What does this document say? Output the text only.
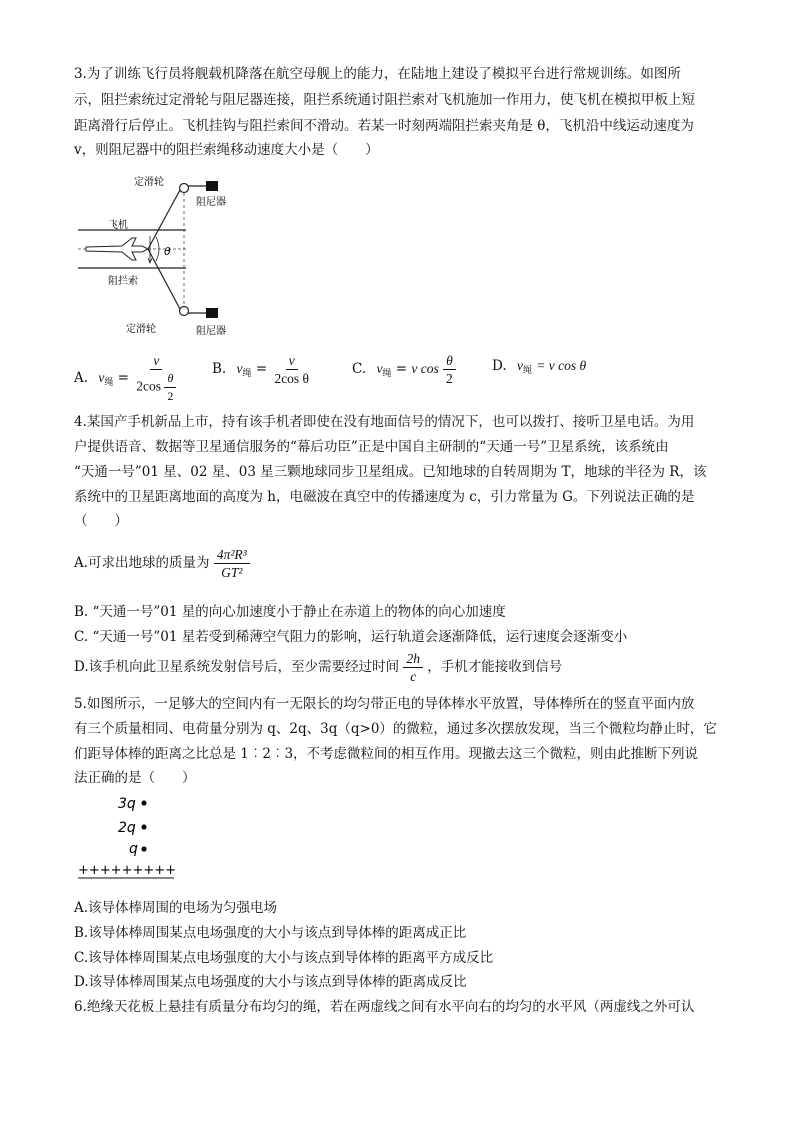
3.为了训练飞行员将舰载机降落在航空母舰上的能力，在陆地上建设了模拟平台进行常规训练。如图所
示，阻拦索统过定滑轮与阻尼器连接，阻拦系统通讨阻拦索对飞机施加一作用力，使飞机在模拟甲板上短
距离滑行后停止。飞机挂钩与阻拦索间不滑动。若某一时刻两端阻拦索夹角是 θ，飞机沿中线运动速度为
v，则阻尼器中的阻拦索绳移动速度大小是（　　）
定滑轮
阻尼器
飞机
θ
阻拦索
定滑轮	阻尼器
A. $v_绳 = \frac{v}{2\cos \frac{\theta}{2}} B$. $v_绳 = \frac{v}{\text{2cos θ}}$	C. $v_绳 = v$ $\cos \frac{\theta}{2}$	D. $v_绳 = v$ cos θ
4.某国产手机新品上市，持有该手机者即使在没有地面信号的情况下，也可以拨打、接听卫星电话。为用
户提供语音、数据等卫星通信服务的“幕后功臣”正是中国自主研制的“天通一号”卫星系统，该系统由
“天通一号”01 星、02 星、03 星三颗地球同步卫星组成。已知地球的自转周期为 T，地球的半径为 R，该
系统中的卫星距离地面的高度为 h，电磁波在真空中的传播速度为 c，引力常量为 G。下列说法正确的是
（　　）
A.可求出地球的质量为 $\frac{\text{4π²R³}}{\text{GT²}}$
B. “天通一号”01 星的向心加速度小于静止在赤道上的物体的向心加速度
C. “天通一号”01 星若受到稀薄空气阻力的影响，运行轨道会逐渐降低，运行速度会逐渐变小
D.该手机向此卫星系统发射信号后，至少需要经过时间 $\frac{2h}{c}$ ，手机才能接收到信号
5.如图所示，一足够大的空间内有一无限长的均匀带正电的导体棒水平放置，导体棒所在的竖直平面内放
有三个质量相同、电荷量分别为 q、2q、3q（q>0）的微粒，通过多次摆放发现，当三个微粒均静止时，它
们距导体棒的距离之比总是 1︰2︰3，不考虑微粒间的相互作用。现撤去这三个微粒，则由此推断下列说
法正确的是（　　）
3q
2q
q
+++++++++
A.该导体棒周围的电场为匀强电场
B.该导体棒周围某点电场强度的大小与该点到导体棒的距离成正比
C.该导体棒周围某点电场强度的大小与该点到导体棒的距离平方成反比
D.该导体棒周围某点电场强度的大小与该点到导体棒的距离成反比
6.绝缘天花板上悬挂有质量分布均匀的绳，若在两虚线之间有水平向右的均匀的水平风（两虚线之外可认
